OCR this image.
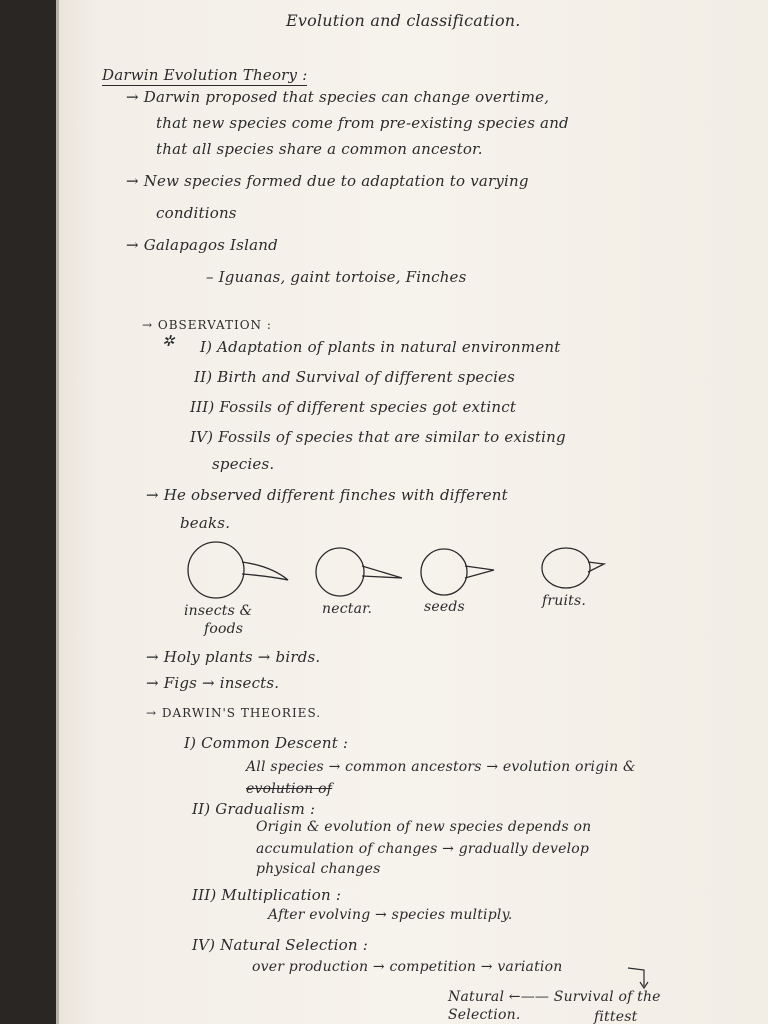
Evolution and classification.
Darwin Evolution Theory :
→ Darwin proposed that species can change overtime,
that new species come from pre-existing species and
that all species share a common ancestor.
→ New species formed due to adaptation to varying
conditions
→ Galapagos Island
– Iguanas, gaint tortoise, Finches
→ OBSERVATION :
✲ I) Adaptation of plants in natural environment
II) Birth and Survival of different species
III) Fossils of different species got extinct
IV) Fossils of species that are similar to existing
species.
→ He observed different finches with different
beaks.
insects &
foods
nectar.	seeds	fruits.
→ Holy plants → birds.
→ Figs → insects.
→ DARWIN'S THEORIES.
I) Common Descent :
All species → common ancestors → evolution origin &
evolution of
II) Gradualism :
Origin & evolution of new species depends on
accumulation of changes → gradually develop
physical changes
III) Multiplication :
After evolving → species multiply.
IV) Natural Selection :
over production → competition → variation
Natural ←—— Survival of the
Selection.	fittest
